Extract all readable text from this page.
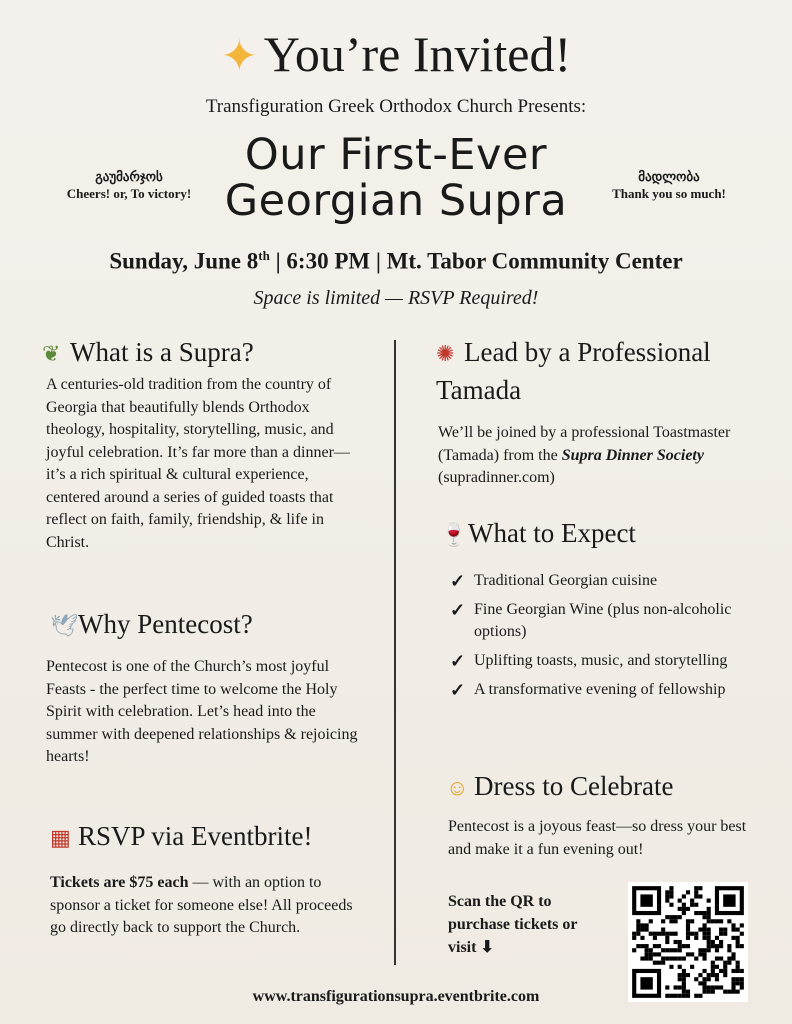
✦ You’re Invited!
Transfiguration Greek Orthodox Church Presents:
Our First-Ever
Georgian Supra
გაუმარჯოს
Cheers! or, To victory!
მადლობა
Thank you so much!
Sunday, June 8th | 6:30 PM | Mt. Tabor Community Center
Space is limited — RSVP Required!
❦ What is a Supra?
A centuries-old tradition from the country of Georgia that beautifully blends Orthodox theology, hospitality, storytelling, music, and joyful celebration. It’s far more than a dinner—it’s a rich spiritual & cultural experience, centered around a series of guided toasts that reflect on faith, family, friendship, & life in Christ.
🕊Why Pentecost?
Pentecost is one of the Church’s most joyful Feasts - the perfect time to welcome the Holy Spirit with celebration. Let’s head into the summer with deepened relationships & rejoicing hearts!
▦ RSVP via Eventbrite!
Tickets are $75 each — with an option to sponsor a ticket for someone else! All proceeds go directly back to support the Church.
✺ Lead by a Professional
Tamada
We’ll be joined by a professional Toastmaster (Tamada) from the Supra Dinner Society (supradinner.com)
🍷What to Expect
✓ Traditional Georgian cuisine
✓ Fine Georgian Wine (plus non-alcoholic options)
✓ Uplifting toasts, music, and storytelling
✓ A transformative evening of fellowship
☺ Dress to Celebrate
Pentecost is a joyous feast—so dress your best and make it a fun evening out!
Scan the QR to purchase tickets or visit ⬇
www.transfigurationsupra.eventbrite.com
